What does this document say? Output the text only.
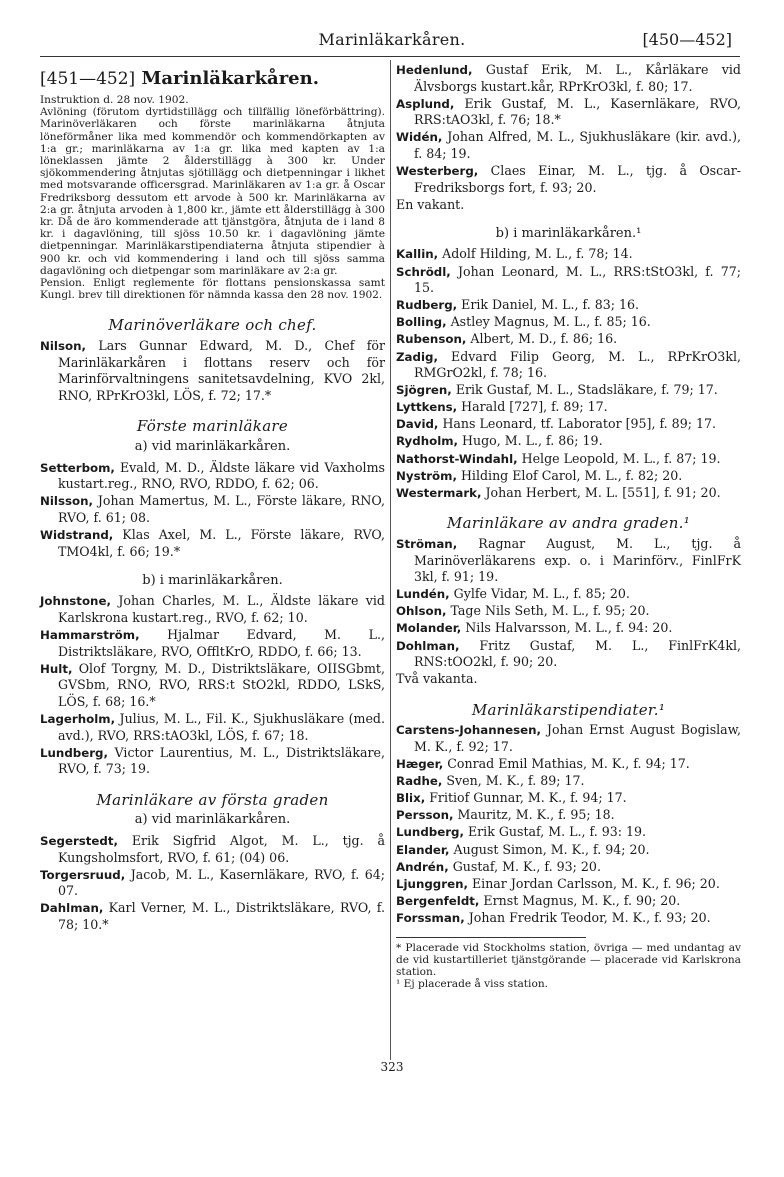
Marinläkarkåren.	[450—452]
[451—452] Marinläkarkåren.

Instruktion d. 28 nov. 1902.

Avlöning (förutom dyrtidstillägg och tillfällig löneförbättring). Marinöverläkaren och förste marinläkarna åtnjuta löneförmåner lika med kommendör och kommendörkapten av 1:a gr.; marinläkarna av 1:a gr. lika med kapten av 1:a löneklassen jämte 2 ålderstillägg à 300 kr. Under sjökommendering åtnjutas sjötillägg och dietpenningar i likhet med motsvarande officersgrad. Marinläkaren av 1:a gr. å Oscar Fredriksborg dessutom ett arvode à 500 kr. Marinläkarna av 2:a gr. åtnjuta arvoden à 1,800 kr., jämte ett ålderstillägg à 300 kr. Då de äro kommenderade att tjänstgöra, åtnjuta de i land 8 kr. i dagavlöning, till sjöss 10.50 kr. i dagavlöning jämte dietpenningar. Marinläkarstipendiaterna åtnjuta stipendier à 900 kr. och vid kommendering i land och till sjöss samma dagavlöning och dietpengar som marinläkare av 2:a gr.

Pension. Enligt reglemente för flottans pensionskassa samt Kungl. brev till direktionen för nämnda kassa den 28 nov. 1902.

Marinöverläkare och chef.
Nilson, Lars Gunnar Edward, M. D., Chef för Marinläkarkåren i flottans reserv och för Marinförvaltningens sanitetsavdelning, KVO 2kl, RNO, RPrKrO3kl, LÖS, f. 72; 17.*
Förste marinläkare
a) vid marinläkarkåren.
Setterbom, Evald, M. D., Äldste läkare vid Vaxholms kustart.reg., RNO, RVO, RDDO, f. 62; 06.
Nilsson, Johan Mamertus, M. L., Förste läkare, RNO, RVO, f. 61; 08.
Widstrand, Klas Axel, M. L., Förste läkare, RVO, TMO4kl, f. 66; 19.*
b) i marinläkarkåren.
Johnstone, Johan Charles, M. L., Äldste läkare vid Karlskrona kustart.reg., RVO, f. 62; 10.
Hammarström, Hjalmar Edvard, M. L., Distriktsläkare, RVO, OffltKrO, RDDO, f. 66; 13.
Hult, Olof Torgny, M. D., Distriktsläkare, OIISGbmt, GVSbm, RNO, RVO, RRS:t StO2kl, RDDO, LSkS, LÖS, f. 68; 16.*
Lagerholm, Julius, M. L., Fil. K., Sjukhusläkare (med. avd.), RVO, RRS:tAO3kl, LÖS, f. 67; 18.
Lundberg, Victor Laurentius, M. L., Distriktsläkare, RVO, f. 73; 19.
Marinläkare av första graden
a) vid marinläkarkåren.
Segerstedt, Erik Sigfrid Algot, M. L., tjg. å Kungsholmsfort, RVO, f. 61; (04) 06.
Torgersruud, Jacob, M. L., Kasernläkare, RVO, f. 64; 07.
Dahlman, Karl Verner, M. L., Distriktsläkare, RVO, f. 78; 10.*
Hedenlund, Gustaf Erik, M. L., Kårläkare vid Älvsborgs kustart.kår, RPrKrO3kl, f. 80; 17.
Asplund, Erik Gustaf, M. L., Kasernläkare, RVO, RRS:tAO3kl, f. 76; 18.*
Widén, Johan Alfred, M. L., Sjukhusläkare (kir. avd.), f. 84; 19.
Westerberg, Claes Einar, M. L., tjg. å Oscar-Fredriksborgs fort, f. 93; 20.
En vakant.
b) i marinläkarkåren.¹
Kallin, Adolf Hilding, M. L., f. 78; 14.
Schrödl, Johan Leonard, M. L., RRS:tStO3kl, f. 77; 15.
Rudberg, Erik Daniel, M. L., f. 83; 16.
Bolling, Astley Magnus, M. L., f. 85; 16.
Rubenson, Albert, M. D., f. 86; 16.
Zadig, Edvard Filip Georg, M. L., RPrKrO3kl, RMGrO2kl, f. 78; 16.
Sjögren, Erik Gustaf, M. L., Stadsläkare, f. 79; 17.
Lyttkens, Harald [727], f. 89; 17.
David, Hans Leonard, tf. Laborator [95], f. 89; 17.
Rydholm, Hugo, M. L., f. 86; 19.
Nathorst-Windahl, Helge Leopold, M. L., f. 87; 19.
Nyström, Hilding Elof Carol, M. L., f. 82; 20.
Westermark, Johan Herbert, M. L. [551], f. 91; 20.
Marinläkare av andra graden.¹
Ströman, Ragnar August, M. L., tjg. å Marinöverläkarens exp. o. i Marinförv., FinlFrK 3kl, f. 91; 19.
Lundén, Gylfe Vidar, M. L., f. 85; 20.
Ohlson, Tage Nils Seth, M. L., f. 95; 20.
Molander, Nils Halvarsson, M. L., f. 94: 20.
Dohlman, Fritz Gustaf, M. L., FinlFrK4kl, RNS:tOO2kl, f. 90; 20.
Två vakanta.
Marinläkarstipendiater.¹
Carstens-Johannesen, Johan Ernst August Bogislaw, M. K., f. 92; 17.
Hæger, Conrad Emil Mathias, M. K., f. 94; 17.
Radhe, Sven, M. K., f. 89; 17.
Blix, Fritiof Gunnar, M. K., f. 94; 17.
Persson, Mauritz, M. K., f. 95; 18.
Lundberg, Erik Gustaf, M. L., f. 93: 19.
Elander, August Simon, M. K., f. 94; 20.
Andrén, Gustaf, M. K., f. 93; 20.
Ljunggren, Einar Jordan Carlsson, M. K., f. 96; 20.
Bergenfeldt, Ernst Magnus, M. K., f. 90; 20.
Forssman, Johan Fredrik Teodor, M. K., f. 93; 20.

* Placerade vid Stockholms station, övriga — med undantag av de vid kustartilleriet tjänstgörande — placerade vid Karlskrona station.

¹ Ej placerade å viss station.

323
